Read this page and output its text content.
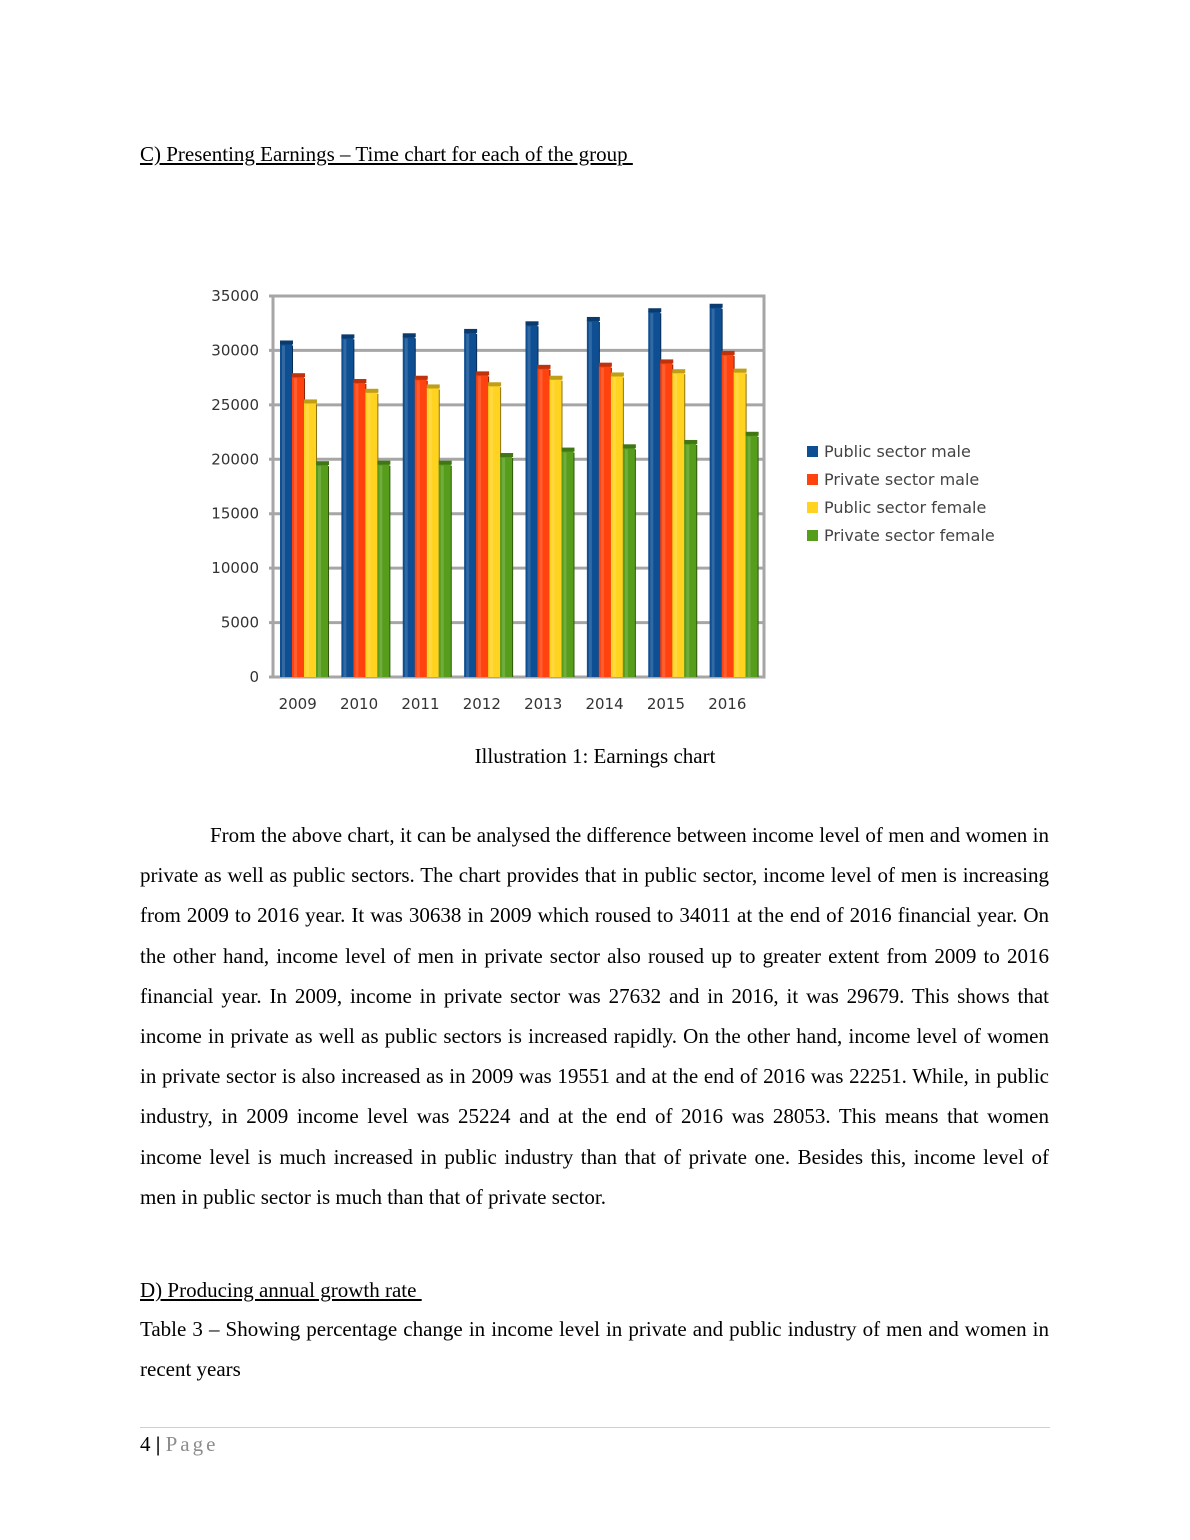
C) Presenting Earnings – Time chart for each of the group
0
5000
10000
15000
20000
25000
30000
35000
2009 2010 2011 2012 2013 2014 2015 2016
Public sector male
Private sector male
Public sector female
Private sector female
Illustration 1: Earnings chart

From the above chart, it can be analysed the difference between income level of men and women in private as well as public sectors. The chart provides that in public sector, income level of men is increasing from 2009 to 2016 year. It was 30638 in 2009 which roused to 34011 at the end of 2016 financial year. On the other hand, income level of men in private sector also roused up to greater extent from 2009 to 2016 financial year. In 2009, income in private sector was 27632 and in 2016, it was 29679. This shows that income in private as well as public sectors is increased rapidly. On the other hand, income level of women in private sector is also increased as in 2009 was 19551 and at the end of 2016 was 22251. While, in public industry, in 2009 income level was 25224 and at the end of 2016 was 28053. This means that women income level is much increased in public industry than that of private one. Besides this, income level of men in public sector is much than that of private sector.

D) Producing annual growth rate

Table 3 – Showing percentage change in income level in private and public industry of men and women in recent years

4 | Page
